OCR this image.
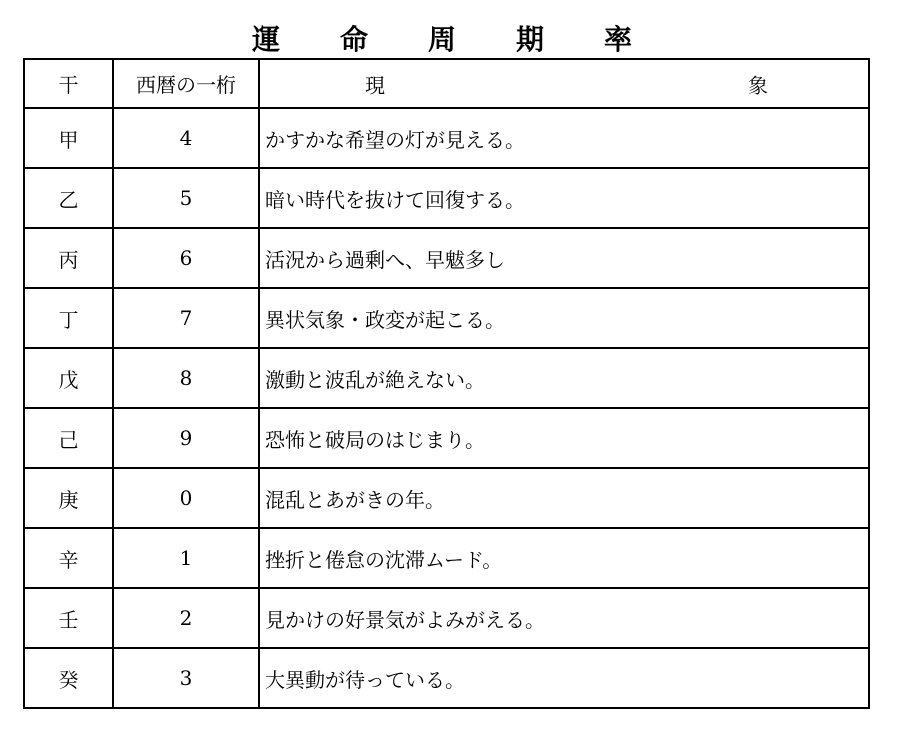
運　命　周　期　率
干	西暦の一桁	現 象

甲	4	かすかな希望の灯が見える。
乙	5	暗い時代を抜けて回復する。
丙	6	活況から過剰へ、早魃多し
丁	7	異状気象・政変が起こる。
戊	8	激動と波乱が絶えない。
己	9	恐怖と破局のはじまり。
庚	0	混乱とあがきの年。
辛	1	挫折と倦怠の沈滞ムード。
壬	2	見かけの好景気がよみがえる。
癸	3	大異動が待っている。
